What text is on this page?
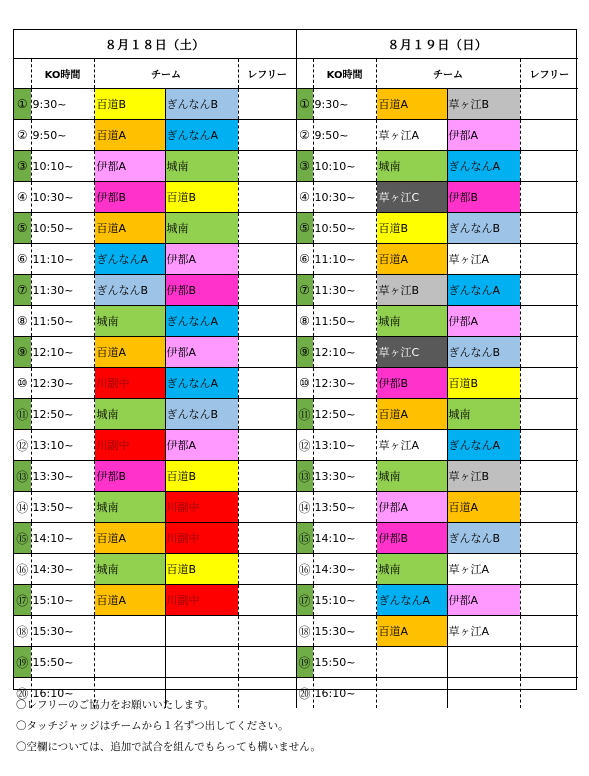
８月１８日（土）					８月１９日（日）				
	KO時間	チーム		レフリー		KO時間	チーム		レフリー
①	9:30~	百道B	ぎんなんB		①	9:30~	百道A	草ヶ江B	
②	9:50~	百道A	ぎんなんA		②	9:50~	草ヶ江A	伊都A	
③	10:10~	伊都A	城南		③	10:10~	城南	ぎんなんA	
④	10:30~	伊都B	百道B		④	10:30~	草ヶ江C	伊都B	
⑤	10:50~	百道A	城南		⑤	10:50~	百道B	ぎんなんB	
⑥	11:10~	ぎんなんA	伊都A		⑥	11:10~	百道A	草ヶ江A	
⑦	11:30~	ぎんなんB	伊都B		⑦	11:30~	草ヶ江B	ぎんなんA	
⑧	11:50~	城南	ぎんなんA		⑧	11:50~	城南	伊都A	
⑨	12:10~	百道A	伊都A		⑨	12:10~	草ヶ江C	ぎんなんB	
⑩	12:30~	川副中	ぎんなんA		⑩	12:30~	伊都B	百道B	
⑪	12:50~	城南	ぎんなんB		⑪	12:50~	百道A	城南	
⑫	13:10~	川副中	伊都A		⑫	13:10~	草ヶ江A	ぎんなんA	
⑬	13:30~	伊都B	百道B		⑬	13:30~	城南	草ヶ江B	
⑭	13:50~	城南	川副中		⑭	13:50~	伊都A	百道A	
⑮	14:10~	百道A	川副中		⑮	14:10~	伊都B	ぎんなんB	
⑯	14:30~	城南	百道B		⑯	14:30~	城南	草ヶ江A	
⑰	15:10~	百道A	川副中		⑰	15:10~	ぎんなんA	伊都A	
⑱	15:30~				⑱	15:30~	百道A	草ヶ江A	
⑲	15:50~				⑲	15:50~			
⑳	16:10~				⑳	16:10~			
〇レフリーのご協力をお願いいたします。
〇タッチジャッジはチームから１名ずつ出してください。
〇空欄については、追加で試合を組んでもらっても構いません。
